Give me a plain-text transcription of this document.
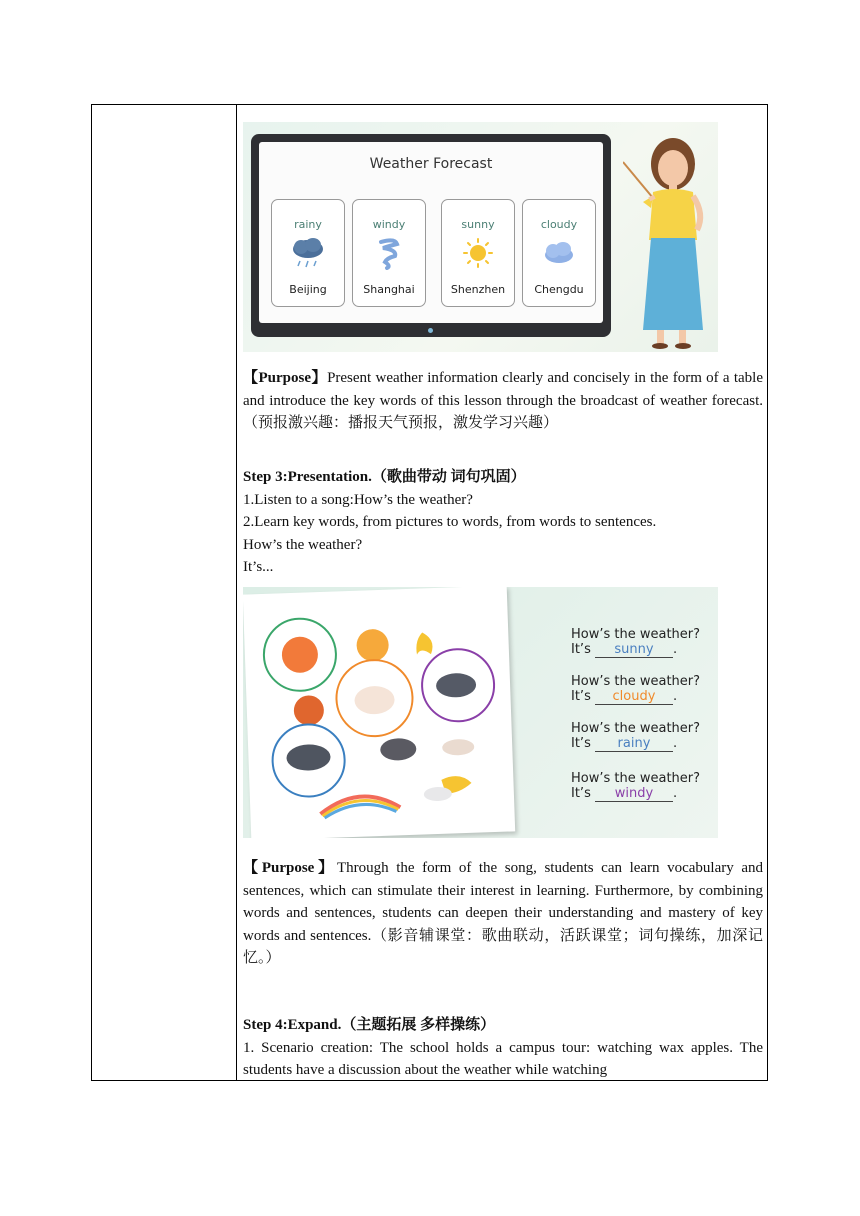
Weather Forecast
rainy
Beijing
windy
Shanghai
sunny
Shenzhen
cloudy
Chengdu
【Purpose】Present weather information clearly and concisely in the form of a table and introduce the key words of this lesson through the broadcast of weather forecast.（预报激兴趣：播报天气预报，激发学习兴趣）

Step 3:Presentation.（歌曲带动 词句巩固）

1.Listen to a song:How’s the weather?

2.Learn key words, from pictures to words, from words to sentences.

How’s the weather?

It’s...

How’s the weather?
It’s sunny .
How’s the weather?
It’s cloudy .
How’s the weather?
It’s rainy .
How’s the weather?
It’s windy .
【Purpose】Through the form of the song, students can learn vocabulary and sentences, which can stimulate their interest in learning. Furthermore, by combining words and sentences, students can deepen their understanding and mastery of key words and sentences.（影音辅课堂：歌曲联动，活跃课堂；词句操练，加深记忆。）

Step 4:Expand.（主题拓展 多样操练）

1. Scenario creation: The school holds a campus tour: watching wax apples. The students have a discussion about the weather while watching
